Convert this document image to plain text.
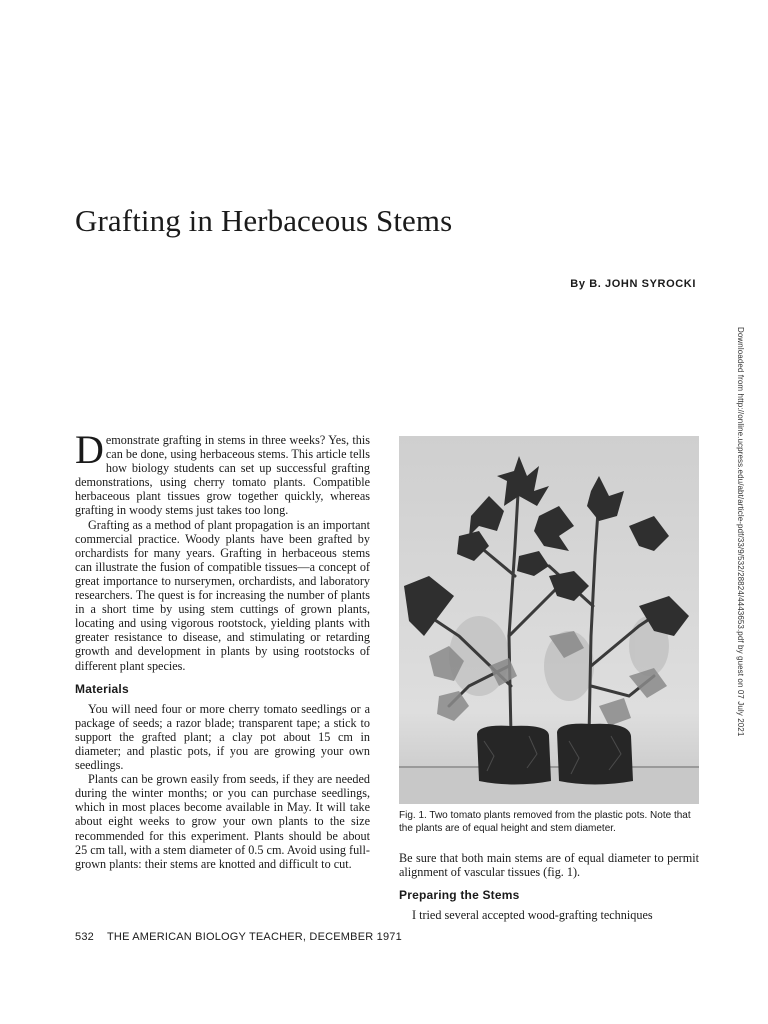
Grafting in Herbaceous Stems
By B. JOHN SYROCKI
Downloaded from http://online.ucpress.edu/abt/article-pdf/33/9/532/28824/4443653.pdf by guest on 07 July 2021

Demonstrate grafting in stems in three weeks? Yes, this can be done, using herbaceous stems. This article tells how biology students can set up successful grafting demonstrations, using cherry tomato plants. Compatible herbaceous plant tissues grow together quickly, whereas grafting in woody stems just takes too long.

Grafting as a method of plant propagation is an important commercial practice. Woody plants have been grafted by orchardists for many years. Grafting in herbaceous stems can illustrate the fusion of compatible tissues—a concept of great importance to nurserymen, orchardists, and laboratory researchers. The quest is for increasing the number of plants in a short time by using stem cuttings of grown plants, locating and using vigorous rootstock, yielding plants with greater resistance to disease, and stimulating or retarding growth and development in plants by using rootstocks of different plant species.

Materials

You will need four or more cherry tomato seedlings or a package of seeds; a razor blade; transparent tape; a stick to support the grafted plant; a clay pot about 15 cm in diameter; and plastic pots, if you are growing your own seedlings.

Plants can be grown easily from seeds, if they are needed during the winter months; or you can purchase seedlings, which in most places become available in May. It will take about eight weeks to grow your own plants to the size recommended for this experiment. Plants should be about 25 cm tall, with a stem diameter of 0.5 cm. Avoid using full-grown plants: their stems are knotted and difficult to cut.

Fig. 1. Two tomato plants removed from the plastic pots. Note that the plants are of equal height and stem diameter.

Be sure that both main stems are of equal diameter to permit alignment of vascular tissues (fig. 1).

Preparing the Stems

I tried several accepted wood-grafting techniques

532 THE AMERICAN BIOLOGY TEACHER, DECEMBER 1971
